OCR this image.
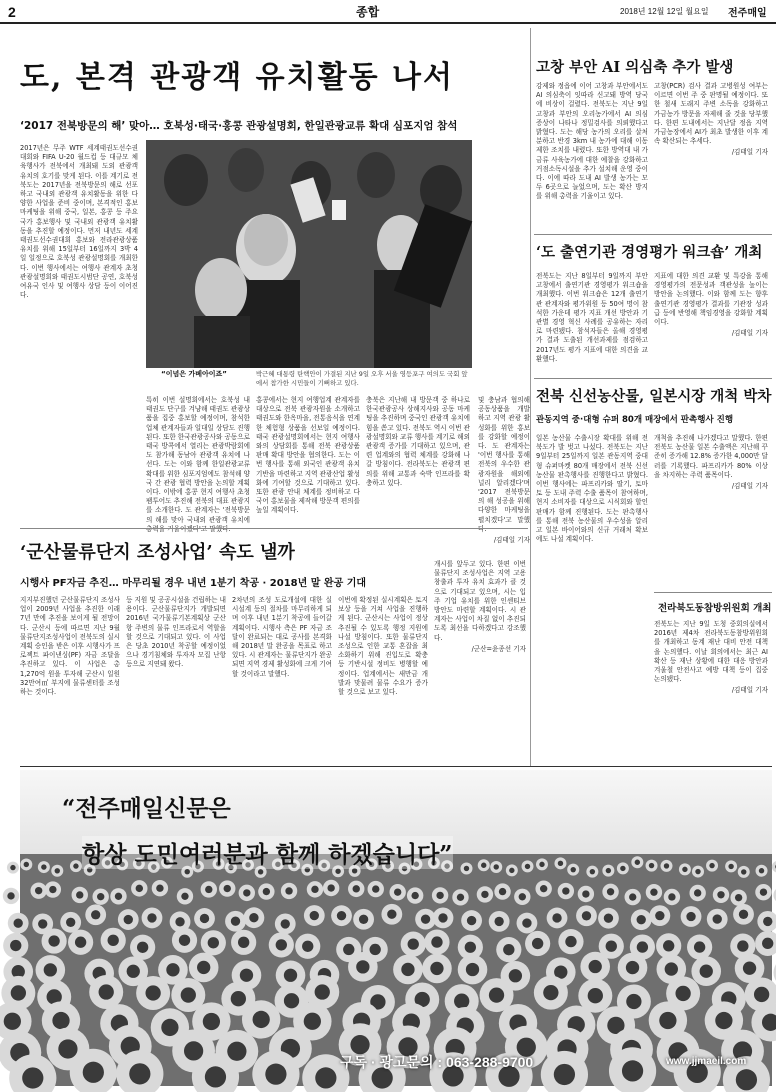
2	종합	2018년 12월 12일 월요일 전주매일
도, 본격 관광객 유치활동 나서
‘2017 전북방문의 해’ 맞아… 호북성·태국·홍콩 관광설명회, 한일관광교류 확대 심포지엄 참석
2017년은 무주 WTF 세계태권도선수권대회와 FIFA U-20 월드컵 등 대규모 체육행사가 전북에서 개최돼 도외 관광객 유치의 호기를 맞게 된다. 이를 계기로 전북도는 2017년을 전북방문의 해로 선포하고 국내외 관광객 유치활동을 위한 다양한 사업을 준비 중이며, 본격적인 홍보마케팅을 위해 중국, 일본, 홍콩 등 주요국가 홍보행사 및 국내외 관광객 유치활동을 추진할 예정이다. 먼저 내년도 세계태권도선수권대회 홍보와 전라관광상품 유치를 위해 15일부터 16일까지 3박 4일 일정으로 호북성 관광설명회를 개최한다. 이번 행사에서는 여행사 관계자 초청 관광설명회와 태권도시범단 공연, 호북성 여유국 인사 및 여행사 상담 등이 이어진다.
“이념은 가베아이죠”	박근혜 대통령 탄핵안이 가결된 지난 9일 오후 서울 영등포구 여의도 국회 앞에서 참가한 시민들이 기뻐하고 있다.
특히 이번 설명회에서는 호북성 내 태권도 단구를 겨냥해 태권도 관광상품을 집중 홍보할 예정이며, 참석한 업체 관계자들과 일대일 상담도 진행된다. 또한 한국관광공사와 공동으로 태국 방콕에서 열리는 관광박람회에도 참가해 동남아 관광객 유치에 나선다. 도는 이와 함께 한일관광교류 확대를 위한 심포지엄에도 참석해 양국 간 관광 협력 방안을 논의할 계획이다. 이밖에 홍콩 현지 여행사 초청 팸투어도 추진해 전북의 대표 관광지를 소개한다. 도 관계자는 '전북방문의 해를 맞아 국내외 관광객 유치에
홍콩에서는 현지 여행업계 관계자를 대상으로 전북 관광자원을 소개하고 태권도와 한옥마을, 전통음식을 연계한 체험형 상품을 선보일 예정이다. 태국 관광설명회에서는 현지 여행사와의 상담회를 통해 전북 관광상품 판매 확대 방안을 협의한다. 도는 이번 행사를 통해 외국인 관광객 유치 기반을 마련하고 지역 관광산업 활성화에 기여할 것으로 기대하고 있다. 또한 관광 안내 체계를 정비하고 다국어 홍보물을 제작해 방문객 편의를 높일 계획이다.
충북은 지난해 내 방문객 중 하나로 한국관광공사 상해지사와 공동 마케팅을 추진하며 중국인 관광객 유치에 힘을 쏟고 있다. 전북도 역시 이번 관광설명회와 교류 행사를 계기로 해외 관광객 증가를 기대하고 있으며, 관련 업계와의 협력 체계를 강화해 나갈 방침이다. 전라북도는 관광객 편의를 위해 교통과 숙박 인프라를 확충하고 있다.
및 충남과 협의해 공동상품을 개발하고 지역 관광 활성화를 위한 홍보를 강화할 예정이다. 도 관계자는 '이번 행사를 통해 전북의 우수한 관광자원을 해외에 널리 알리겠다'며 '2017 전북방문의 해 성공을 위해 다양한 마케팅을 펼치겠다'고 말했
/김태일 기자
고창 부안 AI 의심축 추가 발생
강제와 정읍에 이어 고창과 부안에서도 AI 의심축이 잇따라 신고돼 방역 당국에 비상이 걸렸다. 전북도는 지난 9일 고창과 부안의 오리농가에서 AI 의심 증상이 나타나 정밀검사를 의뢰했다고 밝혔다. 도는 해당 농가의 오리를 살처분하고 반경 3km 내 농가에 대해 이동제한 조치를 내렸다. 또한 방역대 내 가금류 사육농가에 대한 예찰을 강화하고 거점소독시설을 추가 설치해 운영 중이다. 이에 따라 도내 AI 발생 농가는 모두 6곳으로 늘었으며, 도는 확산 방지를 위해 총력을 기울이고 있다.
고창(PCR) 검사 결과 고병원성 여부는 이르면 이번 주 중 판명될 예정이다. 또한 철새 도래지 주변 소독을 강화하고 가금농가 방문을 자제해 줄 것을 당부했다. 한편 도내에서는 지난달 정읍 지역 가금농장에서 AI가 최초 발생한 이후 계속 확산되는 추세다.
/김태일 기자
‘도 출연기관 경영평가 워크숍’ 개최
전북도는 지난 8일부터 9일까지 부안 고창에서 출연기관 경영평가 워크숍을 개최했다. 이번 워크숍은 12개 출연기관 관계자와 평가위원 등 50여 명이 참석한 가운데 평가 지표 개선 방안과 기관별 경영 혁신 사례를 공유하는 자리로 마련됐다. 참석자들은 올해 경영평가 결과 도출된 개선과제를 점검하고 2017년도 평가 지표에 대한 의견을 교환했다.
지표에 대한 의견 교환 및 특강을 통해 경영평가의 전문성과 객관성을 높이는 방안을 논의했다. 이와 함께 도는 향후 출연기관 경영평가 결과를 기관장 성과급 등에 반영해 책임경영을 강화할 계획이다.
/김태일 기자
전북 신선농산물, 일본시장 개척 박차
관동지역 중·대형 슈퍼 80개 매장에서 판촉행사 진행
일본 농산물 수출시장 확대를 위해 전북도가 발 벗고 나섰다. 전북도는 지난 9일부터 25일까지 일본 관동지역 중대형 슈퍼마켓 80개 매장에서 전북 신선농산물 판촉행사를 진행한다고 밝혔다. 이번 행사에는 파프리카와 딸기, 토마토 등 도내 주력 수출 품목이 참여하며, 현지 소비자를 대상으로 시식회와 할인 판매가 함께 진행된다. 도는 판촉행사를 통해 전북 농산물의 우수성을 알리고 일본 바이어와의 신규 거래처 확보에도 나설 계획이다.
개척을 추진해 나가겠다고 말했다. 한편 전북도 농산물 일본 수출액은 지난해 꾸준히 증가해 12.8% 증가한 4,000만 달러를 기록했다. 파프리카가 80% 이상을 차지하는 주력 품목이다.
/김태일 기자
전라북도동참방위원회 개최
전북도는 지난 9일 도청 중회의실에서 2016년 제4차 전라북도동참방위원회를 개최하고 동계 재난 대비 안전 대책을 논의했다. 이날 회의에서는 최근 AI 확산 등 재난 상황에 대한 대응 방안과 겨울철 안전사고 예방 대책 등이 집중 논의됐다.
/김태일 기자
‘군산물류단지 조성사업’ 속도 낼까
시행사 PF자금 추진… 마무리될 경우 내년 1분기 착공 · 2018년 말 완공 기대
지지부진했던 군산물류단지 조성사업이 2009년 사업을 추진한 이래 7년 만에 추진을 보이게 될 전망이다. 군산시 등에 따르면 지난 9월 물류단지조성사업이 전북도의 실시계획 승인을 받은 이후 시행사가 프로젝트 파이낸싱(PF) 자금 조달을 추진하고 있다. 이 사업은 총 1,270억 원을 투자해 군산시 일원 32만여㎡ 부지에 물류센터를 조성하는 것이다.
등 지원 및 공공시설을 건립하는 내용이다. 군산물류단지가 개발되면 2016년 국가물류기본계획상 군산항 주변의 물류 인프라로서 역할을 할 것으로 기대되고 있다. 이 사업은 당초 2010년 착공할 예정이었으나 경기침체와 투자자 모집 난항 등으로 지연돼 왔다.
2차년의 조성 도로개설에 대한 실시설계 등의 절차를 마무리하게 되며 이후 내년 1분기 착공에 들어갈 계획이다. 시행사 측은 PF 자금 조달이 완료되는 대로 공사를 본격화해 2018년 말 완공을 목표로 하고 있다. 시 관계자는 물류단지가 완공되면 지역 경제 활성화에 크게 기여할 것이라고 말했다.
이번에 확정된 실시계획은 토지보상 등을 거쳐 사업을 진행하게 된다. 군산시는 사업이 정상 추진될 수 있도록 행정 지원에 나설 방침이다. 또한 물류단지 조성으로 인한 교통 혼잡을 최소화하기 위해 진입도로 확충 등 기반시설 정비도 병행할 예정이다. 업계에서는 새만금 개발과 맞물려 물류 수요가 증가할 것으로 보고 있다.
개시를 앞두고 있다. 한편 이번 물류단지 조성사업은 지역 고용 창출과 투자 유치 효과가 클 것으로 기대되고 있으며, 시는 입주 기업 유치를 위한 인센티브 방안도 마련할 계획이다. 시 관계자는 사업이 차질 없이 추진되도록 최선을 다하겠다고 강조했다.
/군산=윤종선 기자
“전주매일신문은
항상 도민여러분과 함께 하겠습니다”
구독 · 광고문의 : 063-288-9700	www.jjmaeil.com
